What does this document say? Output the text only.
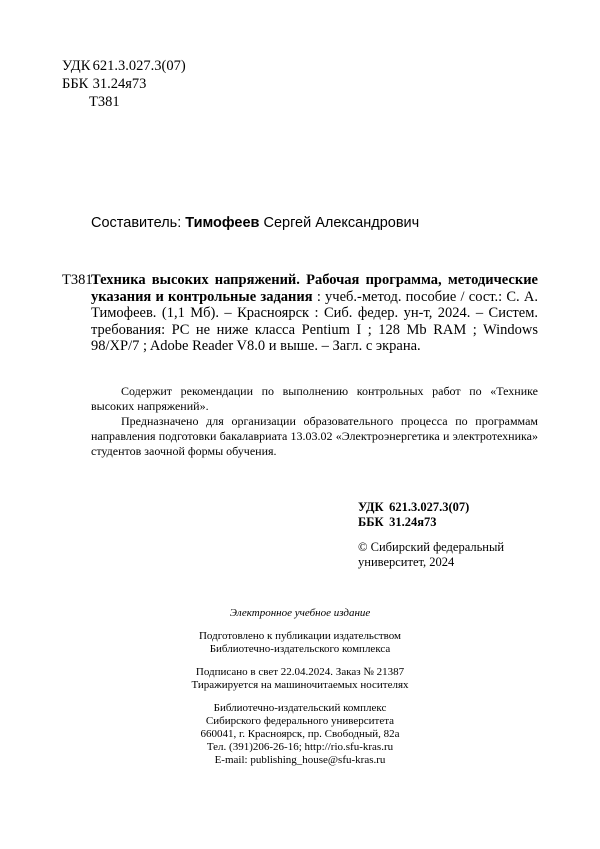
УДК 621.3.027.3(07)
ББК 31.24я73
Т381
Составитель: Тимофеев Сергей Александрович
Т381

Техника высоких напряжений. Рабочая программа, методические указания и контрольные задания : учеб.-метод. пособие / сост.: С. А. Тимофеев. (1,1 Мб). – Красноярск : Сиб. федер. ун-т, 2024. – Систем. требования: PC не ниже класса Pentium I ; 128 Mb RAM ; Windows 98/XP/7 ; Adobe Reader V8.0 и выше. – Загл. с экрана.

Содержит рекомендации по выполнению контрольных работ по «Технике высоких напряжений».

Предназначено для организации образовательного процесса по программам направления подготовки бакалавриата 13.03.02 «Электроэнергетика и электротехника» студентов заочной формы обучения.

УДК 621.3.027.3(07)
ББК 31.24я73
© Сибирский федеральный
университет, 2024
Электронное учебное издание
Подготовлено к публикации издательством
Библиотечно-издательского комплекса
Подписано в свет 22.04.2024. Заказ № 21387
Тиражируется на машиночитаемых носителях
Библиотечно-издательский комплекс
Сибирского федерального университета
660041, г. Красноярск, пр. Свободный, 82а
Тел. (391)206-26-16; http://rio.sfu-kras.ru
E-mail: publishing_house@sfu-kras.ru
